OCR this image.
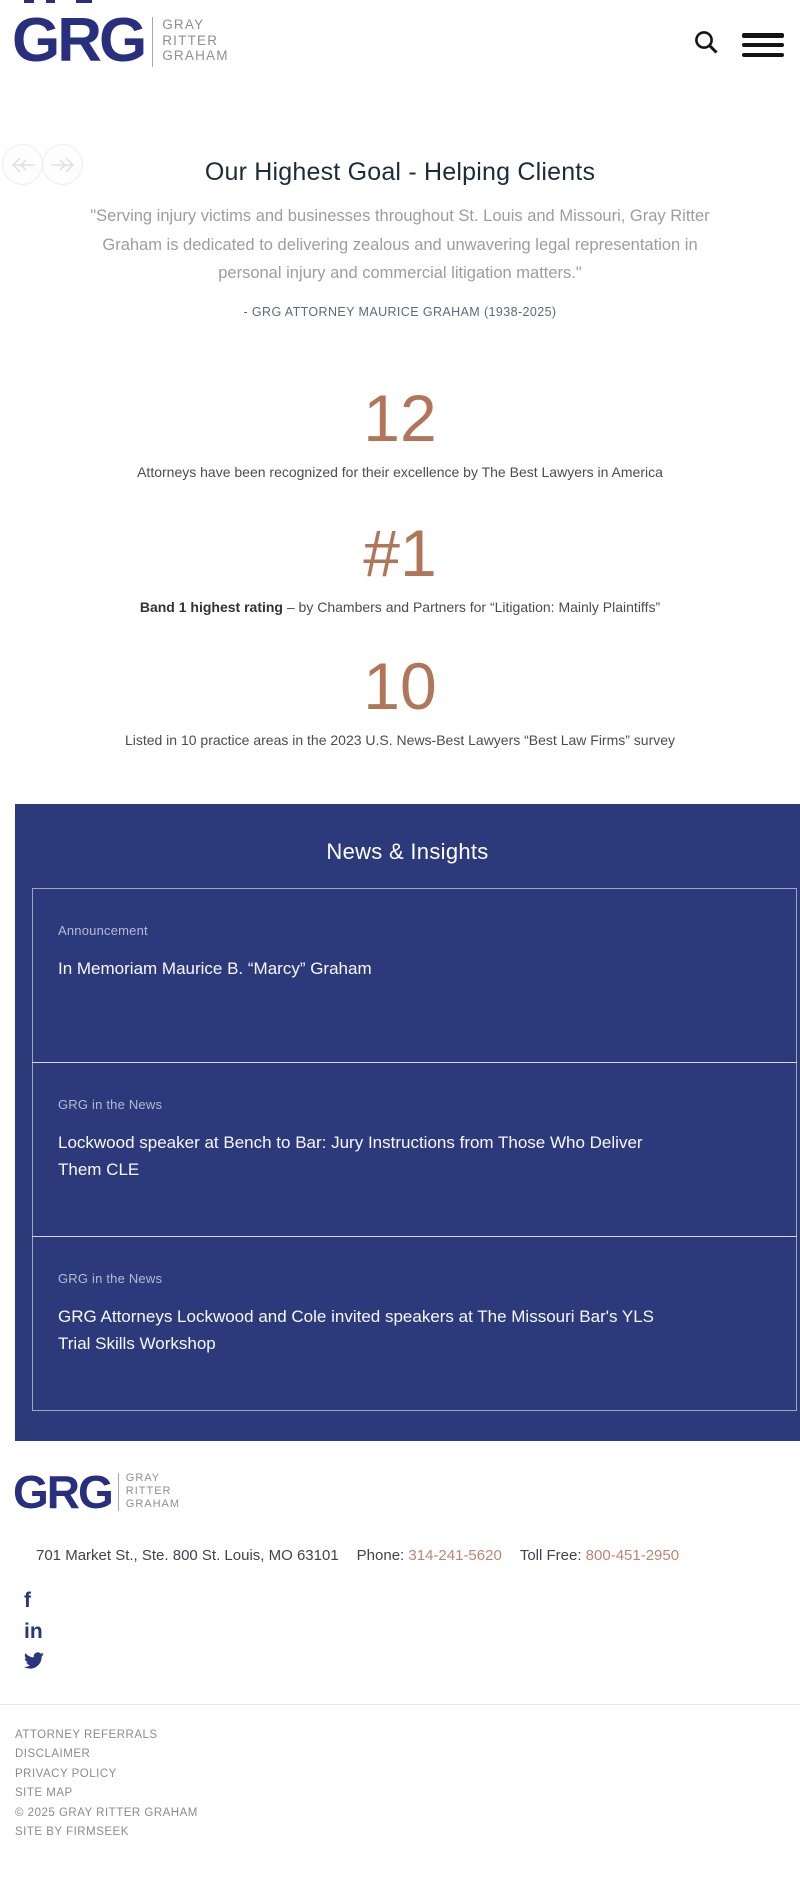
GRG GRAY
RITTER
GRAHAM
Our Highest Goal - Helping Clients
"Serving injury victims and businesses throughout St. Louis and Missouri, Gray Ritter Graham is dedicated to delivering zealous and unwavering legal representation in personal injury and commercial litigation matters."
- GRG ATTORNEY MAURICE GRAHAM (1938-2025)
12
Attorneys have been recognized for their excellence by The Best Lawyers in America
#1
Band 1 highest rating – by Chambers and Partners for “Litigation: Mainly Plaintiffs”
10
Listed in 10 practice areas in the 2023 U.S. News-Best Lawyers “Best Law Firms” survey
News & Insights
Announcement
In Memoriam Maurice B. “Marcy” Graham
GRG in the News
Lockwood speaker at Bench to Bar: Jury Instructions from Those Who Deliver Them CLE
GRG in the News
GRG Attorneys Lockwood and Cole invited speakers at The Missouri Bar's YLS Trial Skills Workshop
GRG GRAY
RITTER
GRAHAM
701 Market St., Ste. 800 St. Louis, MO 63101 Phone: 314-241-5620 Toll Free: 800-451-2950
f
in
ATTORNEY REFERRALS
DISCLAIMER
PRIVACY POLICY
SITE MAP
© 2025 GRAY RITTER GRAHAM
SITE BY FIRMSEEK
